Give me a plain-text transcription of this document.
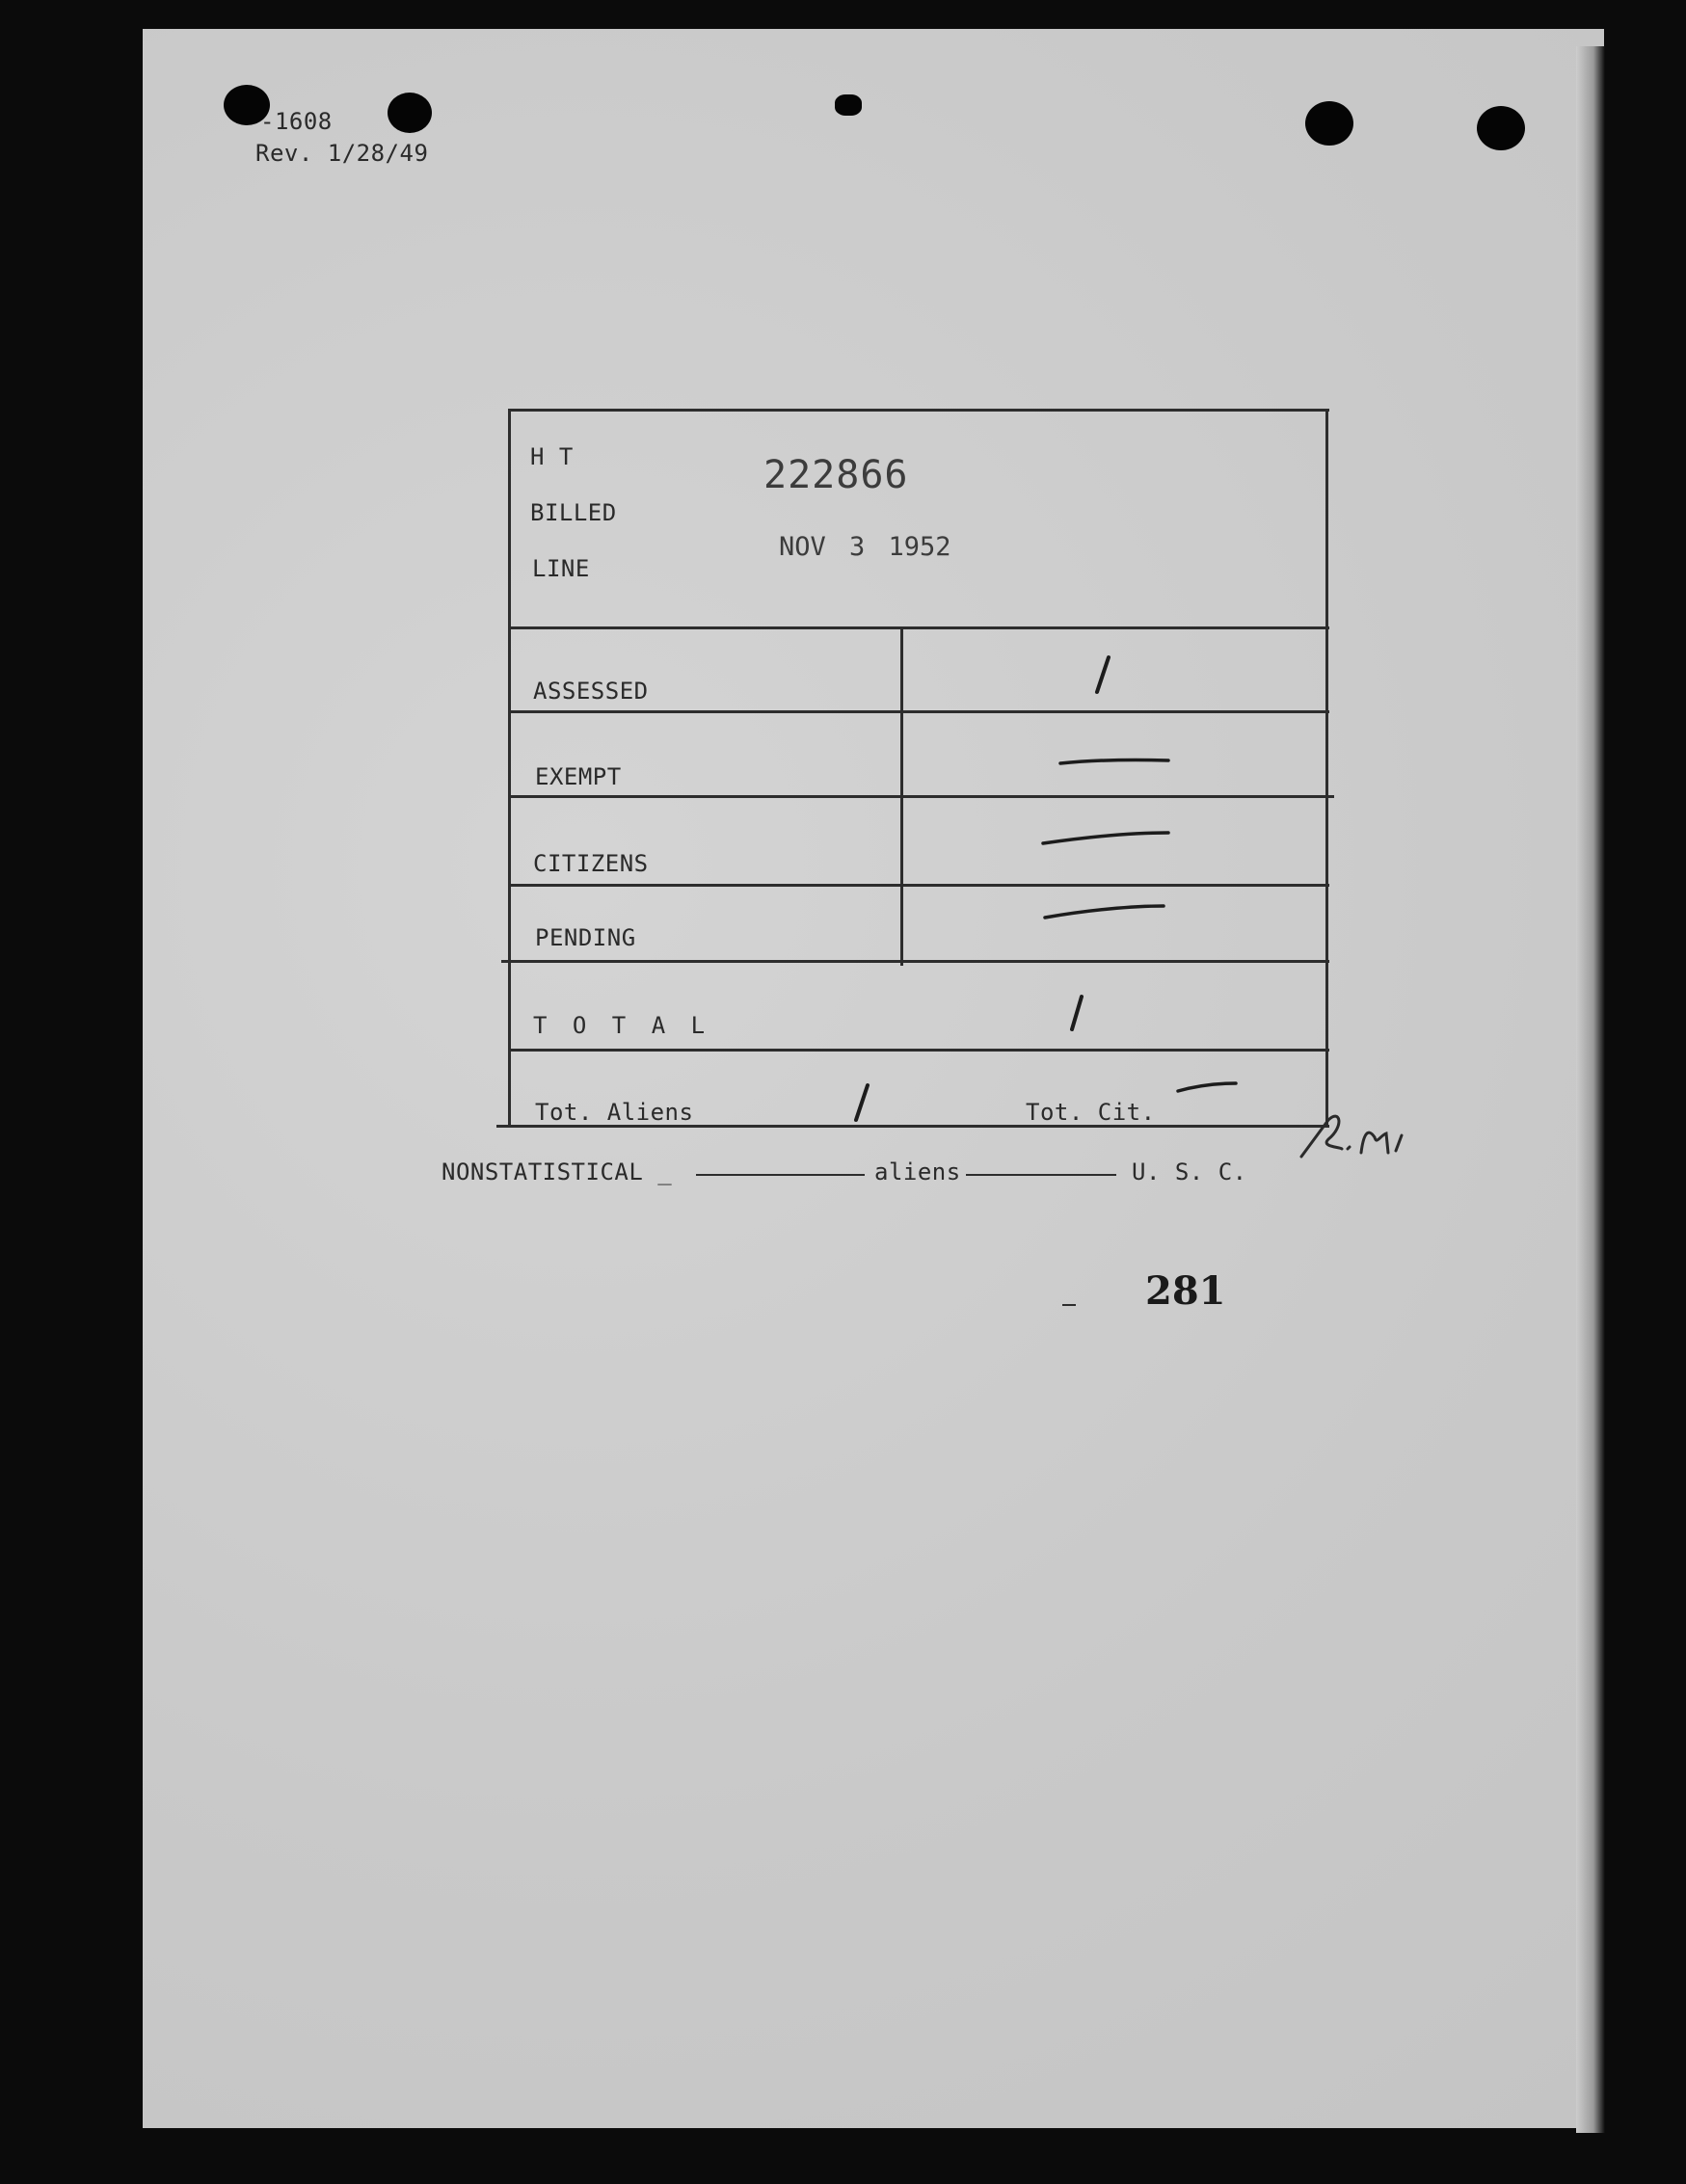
-1608
Rev. 1/28/49
H T
BILLED
LINE
222866
NOV 3 1952
ASSESSED
EXEMPT
CITIZENS
PENDING
T O T A L
Tot. Aliens	Tot. Cit.
NONSTATISTICAL _	aliens	U. S. C.
281
